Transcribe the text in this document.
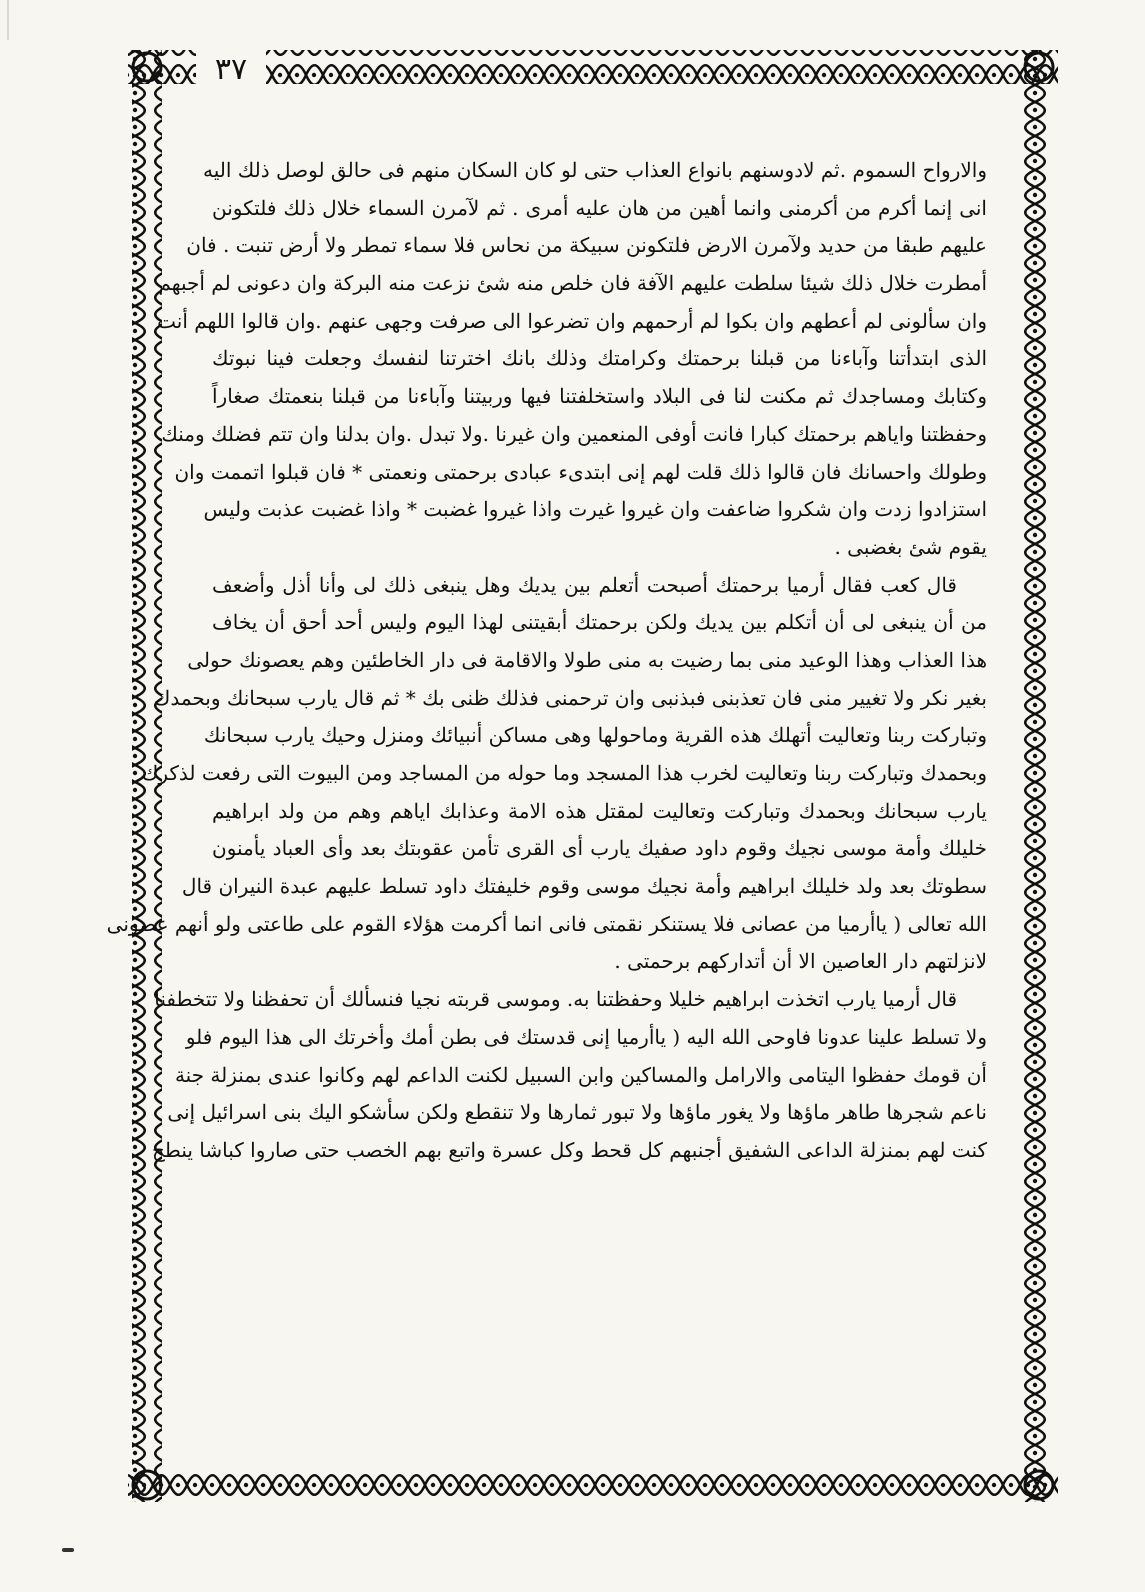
٣٧
والارواح السموم .ثم لادوسنهم بانواع العذاب حتى لو كان السكان منهم فى حالق لوصل ذلك اليه
انى إنما أكرم من أكرمنى وانما أهين من هان عليه أمرى . ثم لآمرن السماء خلال ذلك فلتكونن
عليهم طبقا من حديد ولآمرن الارض فلتكونن سبيكة من نحاس فلا سماء تمطر ولا أرض تنبت . فان
أمطرت خلال ذلك شيئا سلطت عليهم الآفة فان خلص منه شئ نزعت منه البركة وان دعونى لم أجبهم
وان سألونى لم أعطهم وان بكوا لم أرحمهم وان تضرعوا الى صرفت وجهى عنهم .وان قالوا اللهم أنت
الذى ابتدأتنا وآباءنا من قبلنا برحمتك وكرامتك وذلك بانك اخترتنا لنفسك وجعلت فينا نبوتك
وكتابك ومساجدك ثم مكنت لنا فى البلاد واستخلفتنا فيها وربيتنا وآباءنا من قبلنا بنعمتك صغاراً
وحفظتنا واياهم برحمتك كبارا فانت أوفى المنعمين وان غيرنا .ولا تبدل .وان بدلنا وان تتم فضلك ومنك
وطولك واحسانك فان قالوا ذلك قلت لهم إنى ابتدىء عبادى برحمتى ونعمتى * فان قبلوا اتممت وان
استزادوا زدت وان شكروا ضاعفت وان غيروا غيرت واذا غيروا غضبت * واذا غضبت عذبت وليس
يقوم شئ بغضبى .
قال كعب فقال أرميا برحمتك أصبحت أتعلم بين يديك وهل ينبغى ذلك لى وأنا أذل وأضعف
من أن ينبغى لى أن أتكلم بين يديك ولكن برحمتك أبقيتنى لهذا اليوم وليس أحد أحق أن يخاف
هذا العذاب وهذا الوعيد منى بما رضيت به منى طولا والاقامة فى دار الخاطئين وهم يعصونك حولى
بغير نكر ولا تغيير منى فان تعذبنى فبذنبى وان ترحمنى فذلك ظنى بك * ثم قال يارب سبحانك وبحمدك
وتباركت ربنا وتعاليت أتهلك هذه القرية وماحولها وهى مساكن أنبيائك ومنزل وحيك يارب سبحانك
وبحمدك وتباركت ربنا وتعاليت لخرب هذا المسجد وما حوله من المساجد ومن البيوت التى رفعت لذكرك
يارب سبحانك وبحمدك وتباركت وتعاليت لمقتل هذه الامة وعذابك اياهم وهم من ولد ابراهيم
خليلك وأمة موسى نجيك وقوم داود صفيك يارب أى القرى تأمن عقوبتك بعد وأى العباد يأمنون
سطوتك بعد ولد خليلك ابراهيم وأمة نجيك موسى وقوم خليفتك داود تسلط عليهم عبدة النيران قال
الله تعالى ( ياأرميا من عصانى فلا يستنكر نقمتى فانى انما أكرمت هؤلاء القوم على طاعتى ولو أنهم عصونى
لانزلتهم دار العاصين الا أن أتداركهم برحمتى .
قال أرميا يارب اتخذت ابراهيم خليلا وحفظتنا به. وموسى قربته نجيا فنسألك أن تحفظنا ولا تتخطفنا
ولا تسلط علينا عدونا فاوحى الله اليه ( ياأرميا إنى قدستك فى بطن أمك وأخرتك الى هذا اليوم فلو
أن قومك حفظوا اليتامى والارامل والمساكين وابن السبيل لكنت الداعم لهم وكانوا عندى بمنزلة جنة
ناعم شجرها طاهر ماؤها ولا يغور ماؤها ولا تبور ثمارها ولا تنقطع ولكن سأشكو اليك بنى اسرائيل إنى
كنت لهم بمنزلة الداعى الشفيق أجنبهم كل قحط وكل عسرة واتبع بهم الخصب حتى صاروا كباشا ينطح
